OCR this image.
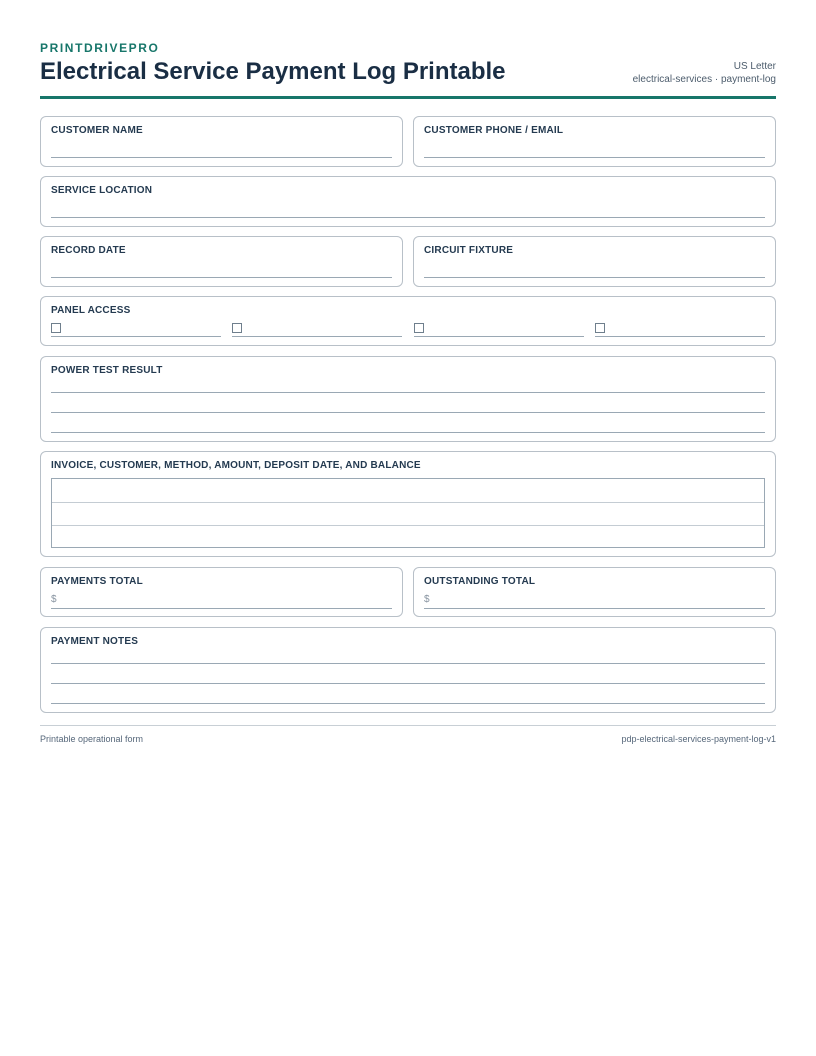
PRINTDRIVEPRO
Electrical Service Payment Log Printable	US Letter
electrical-services · payment-log
CUSTOMER NAME	CUSTOMER PHONE / EMAIL
SERVICE LOCATION
RECORD DATE	CIRCUIT FIXTURE
PANEL ACCESS
POWER TEST RESULT
INVOICE, CUSTOMER, METHOD, AMOUNT, DEPOSIT DATE, AND BALANCE
PAYMENTS TOTAL
$
OUTSTANDING TOTAL
$
PAYMENT NOTES
Printable operational form	pdp-electrical-services-payment-log-v1
